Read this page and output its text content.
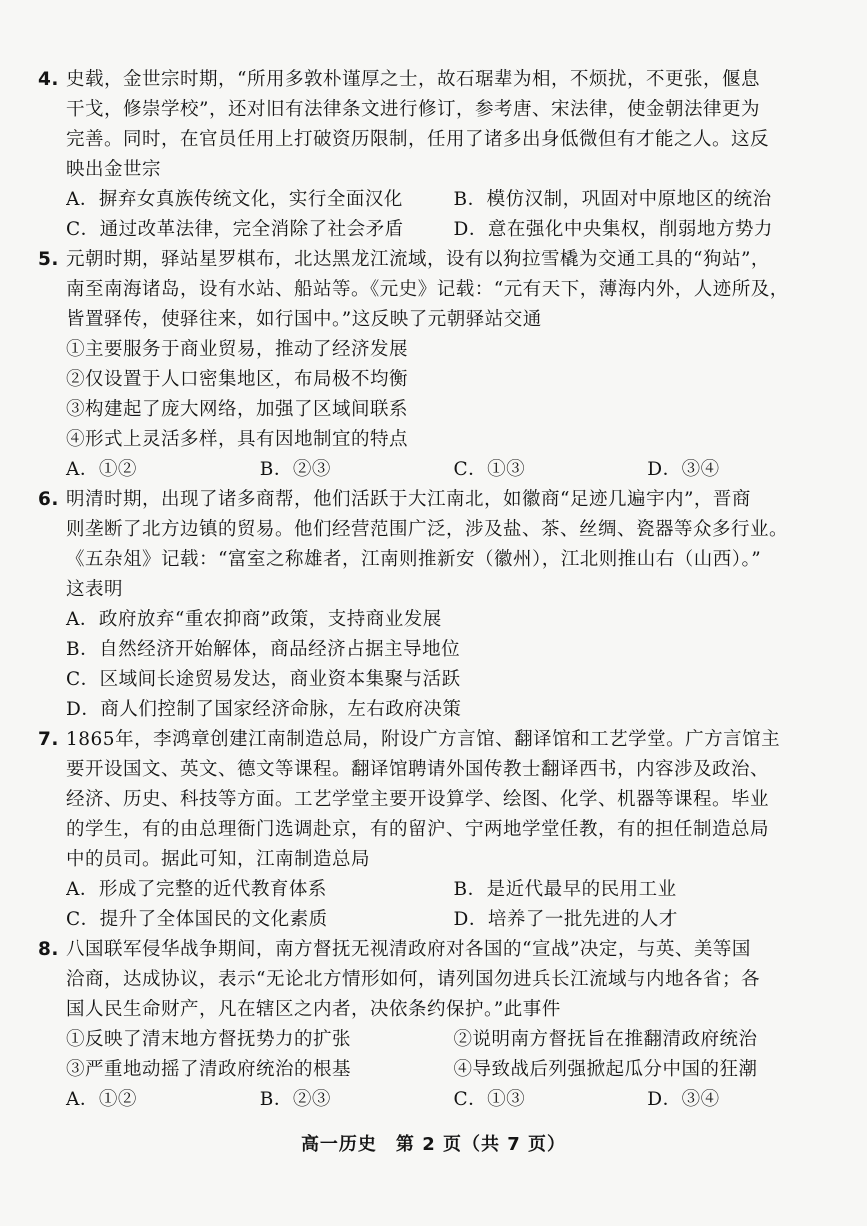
4. 史载，金世宗时期，“所用多敦朴谨厚之士，故石琚辈为相，不烦扰，不更张，偃息
干戈，修崇学校”，还对旧有法律条文进行修订，参考唐、宋法律，使金朝法律更为
完善。同时，在官员任用上打破资历限制，任用了诸多出身低微但有才能之人。这反
映出金世宗
A．摒弃女真族传统文化，实行全面汉化	B．模仿汉制，巩固对中原地区的统治
C．通过改革法律，完全消除了社会矛盾	D．意在强化中央集权，削弱地方势力
5. 元朝时期，驿站星罗棋布，北达黑龙江流域，设有以狗拉雪橇为交通工具的“狗站”，
南至南海诸岛，设有水站、船站等。《元史》记载：“元有天下，薄海内外，人迹所及，
皆置驿传，使驿往来，如行国中。”这反映了元朝驿站交通
①主要服务于商业贸易，推动了经济发展
②仅设置于人口密集地区，布局极不均衡
③构建起了庞大网络，加强了区域间联系
④形式上灵活多样，具有因地制宜的特点
A．①②	B．②③	C．①③	D．③④
6. 明清时期，出现了诸多商帮，他们活跃于大江南北，如徽商“足迹几遍宇内”，晋商
则垄断了北方边镇的贸易。他们经营范围广泛，涉及盐、茶、丝绸、瓷器等众多行业。
《五杂俎》记载：“富室之称雄者，江南则推新安（徽州），江北则推山右（山西）。”
这表明
A．政府放弃“重农抑商”政策，支持商业发展
B．自然经济开始解体，商品经济占据主导地位
C．区域间长途贸易发达，商业资本集聚与活跃
D．商人们控制了国家经济命脉，左右政府决策
7. 1865年，李鸿章创建江南制造总局，附设广方言馆、翻译馆和工艺学堂。广方言馆主
要开设国文、英文、德文等课程。翻译馆聘请外国传教士翻译西书，内容涉及政治、
经济、历史、科技等方面。工艺学堂主要开设算学、绘图、化学、机器等课程。毕业
的学生，有的由总理衙门选调赴京，有的留沪、宁两地学堂任教，有的担任制造总局
中的员司。据此可知，江南制造总局
A．形成了完整的近代教育体系	B．是近代最早的民用工业
C．提升了全体国民的文化素质	D．培养了一批先进的人才
8. 八国联军侵华战争期间，南方督抚无视清政府对各国的“宣战”决定，与英、美等国
洽商，达成协议，表示“无论北方情形如何，请列国勿进兵长江流域与内地各省；各
国人民生命财产，凡在辖区之内者，决依条约保护。”此事件
①反映了清末地方督抚势力的扩张	②说明南方督抚旨在推翻清政府统治
③严重地动摇了清政府统治的根基	④导致战后列强掀起瓜分中国的狂潮
A．①②	B．②③	C．①③	D．③④
高一历史　第 2 页（共 7 页）
